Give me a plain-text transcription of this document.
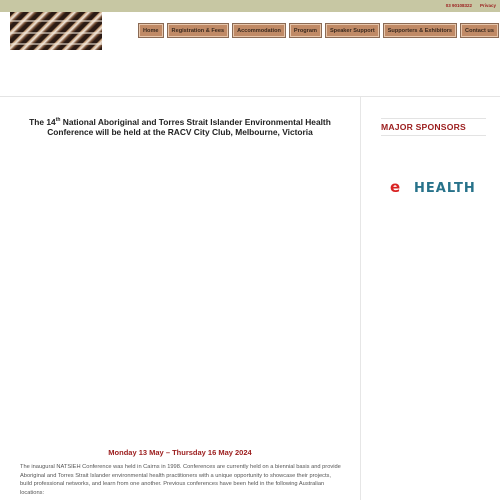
03 90108322 Privacy
Home	Registration & Fees	Accommodation	Program	Speaker Support	Supporters & Exhibitors	Contact us
The 14th National Aboriginal and Torres Strait Islander Environmental Health Conference will be held at the RACV City Club, Melbourne, Victoria
Monday 13 May – Thursday 16 May 2024

The inaugural NATSIEH Conference was held in Cairns in 1998. Conferences are currently held on a biennial basis and provide Aboriginal and Torres Strait Islander environmental health practitioners with a unique opportunity to showcase their projects, build professional networks, and learn from one another. Previous conferences have been held in the following Australian locations:

MAJOR SPONSORS
e HEALTH
